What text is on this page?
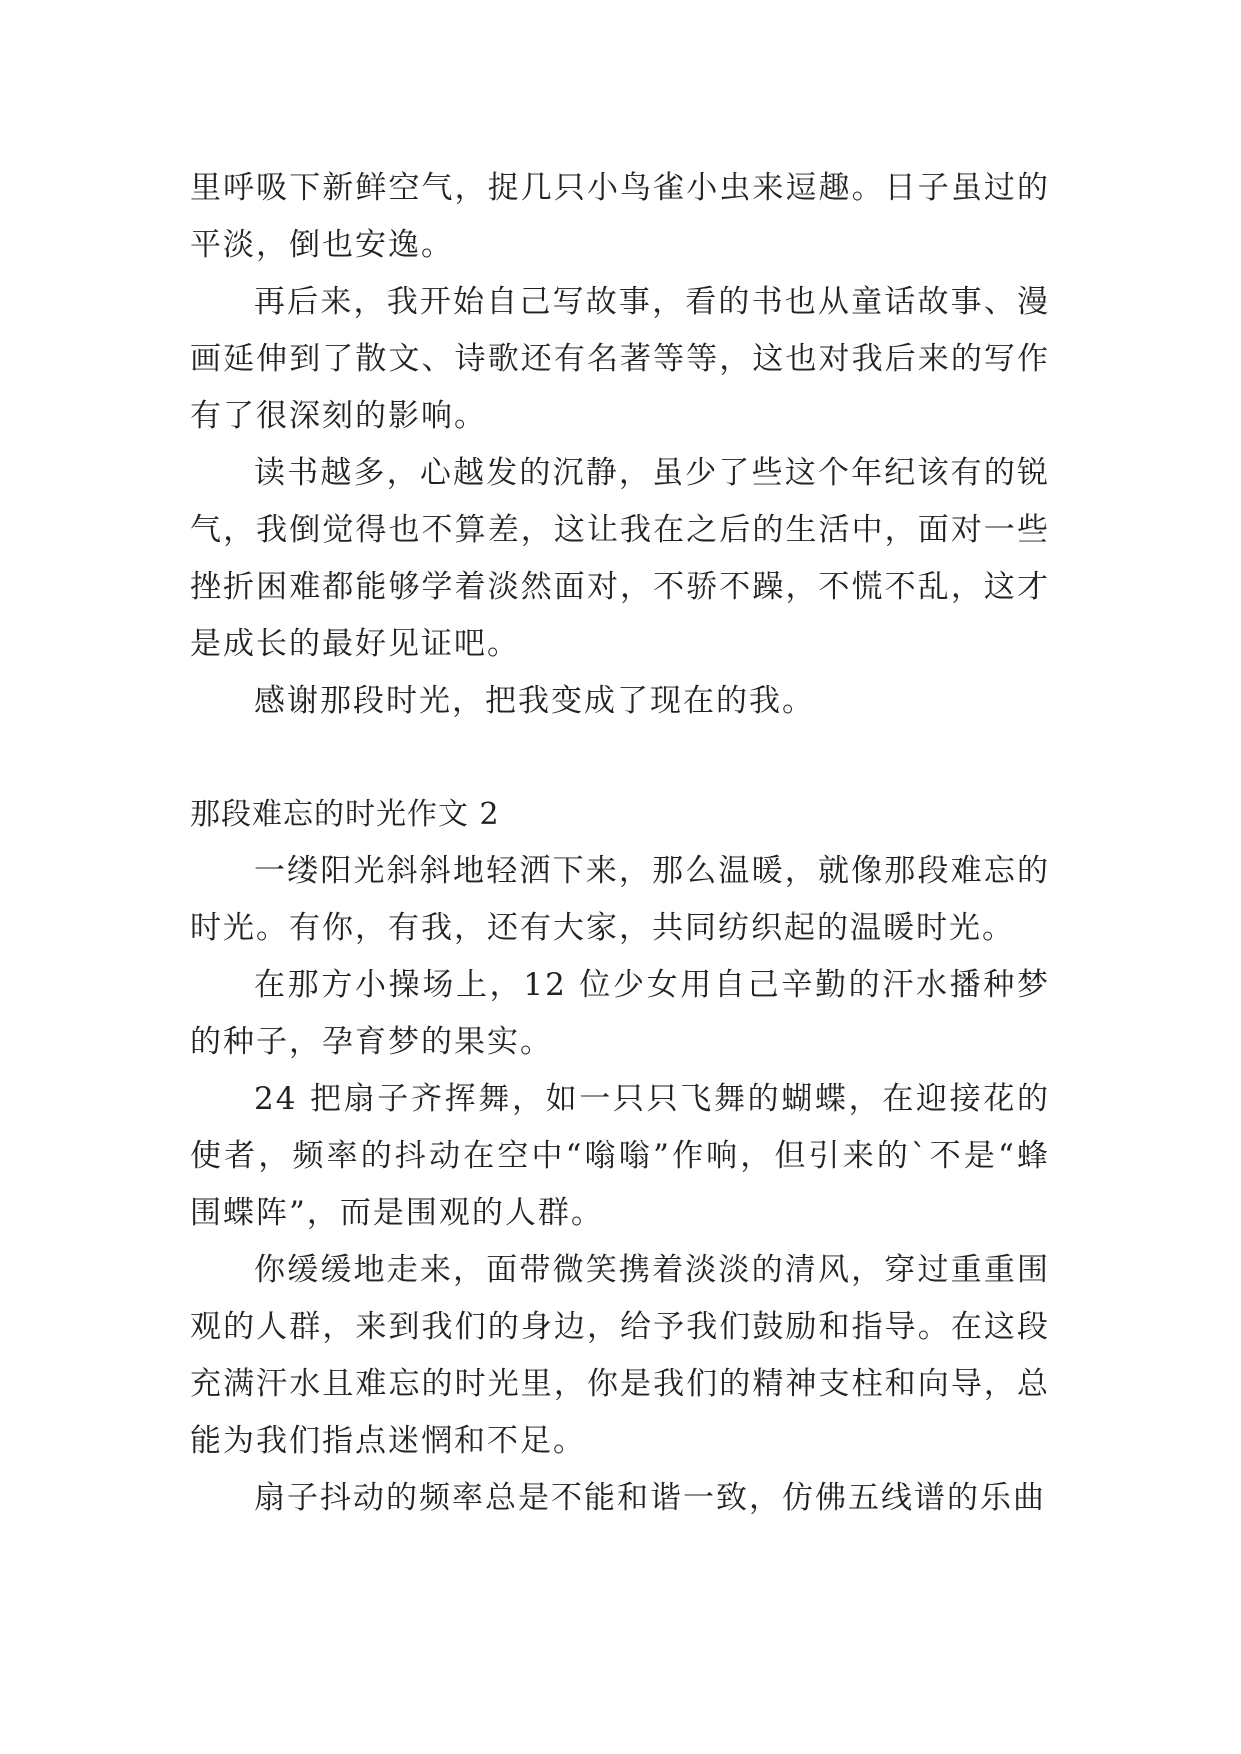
里呼吸下新鲜空气，捉几只小鸟雀小虫来逗趣。日子虽过的平淡，倒也安逸。

再后来，我开始自己写故事，看的书也从童话故事、漫画延伸到了散文、诗歌还有名著等等，这也对我后来的写作有了很深刻的影响。

读书越多，心越发的沉静，虽少了些这个年纪该有的锐气，我倒觉得也不算差，这让我在之后的生活中，面对一些挫折困难都能够学着淡然面对，不骄不躁，不慌不乱，这才是成长的最好见证吧。

感谢那段时光，把我变成了现在的我。

那段难忘的时光作文 2

一缕阳光斜斜地轻洒下来，那么温暖，就像那段难忘的时光。有你，有我，还有大家，共同纺织起的温暖时光。

在那方小操场上，12 位少女用自己辛勤的汗水播种梦的种子，孕育梦的果实。

24 把扇子齐挥舞，如一只只飞舞的蝴蝶，在迎接花的使者，频率的抖动在空中“嗡嗡”作响，但引来的`不是“蜂围蝶阵”，而是围观的人群。

你缓缓地走来，面带微笑携着淡淡的清风，穿过重重围观的人群，来到我们的身边，给予我们鼓励和指导。在这段充满汗水且难忘的时光里，你是我们的精神支柱和向导，总能为我们指点迷惘和不足。

扇子抖动的频率总是不能和谐一致，仿佛五线谱的乐曲
